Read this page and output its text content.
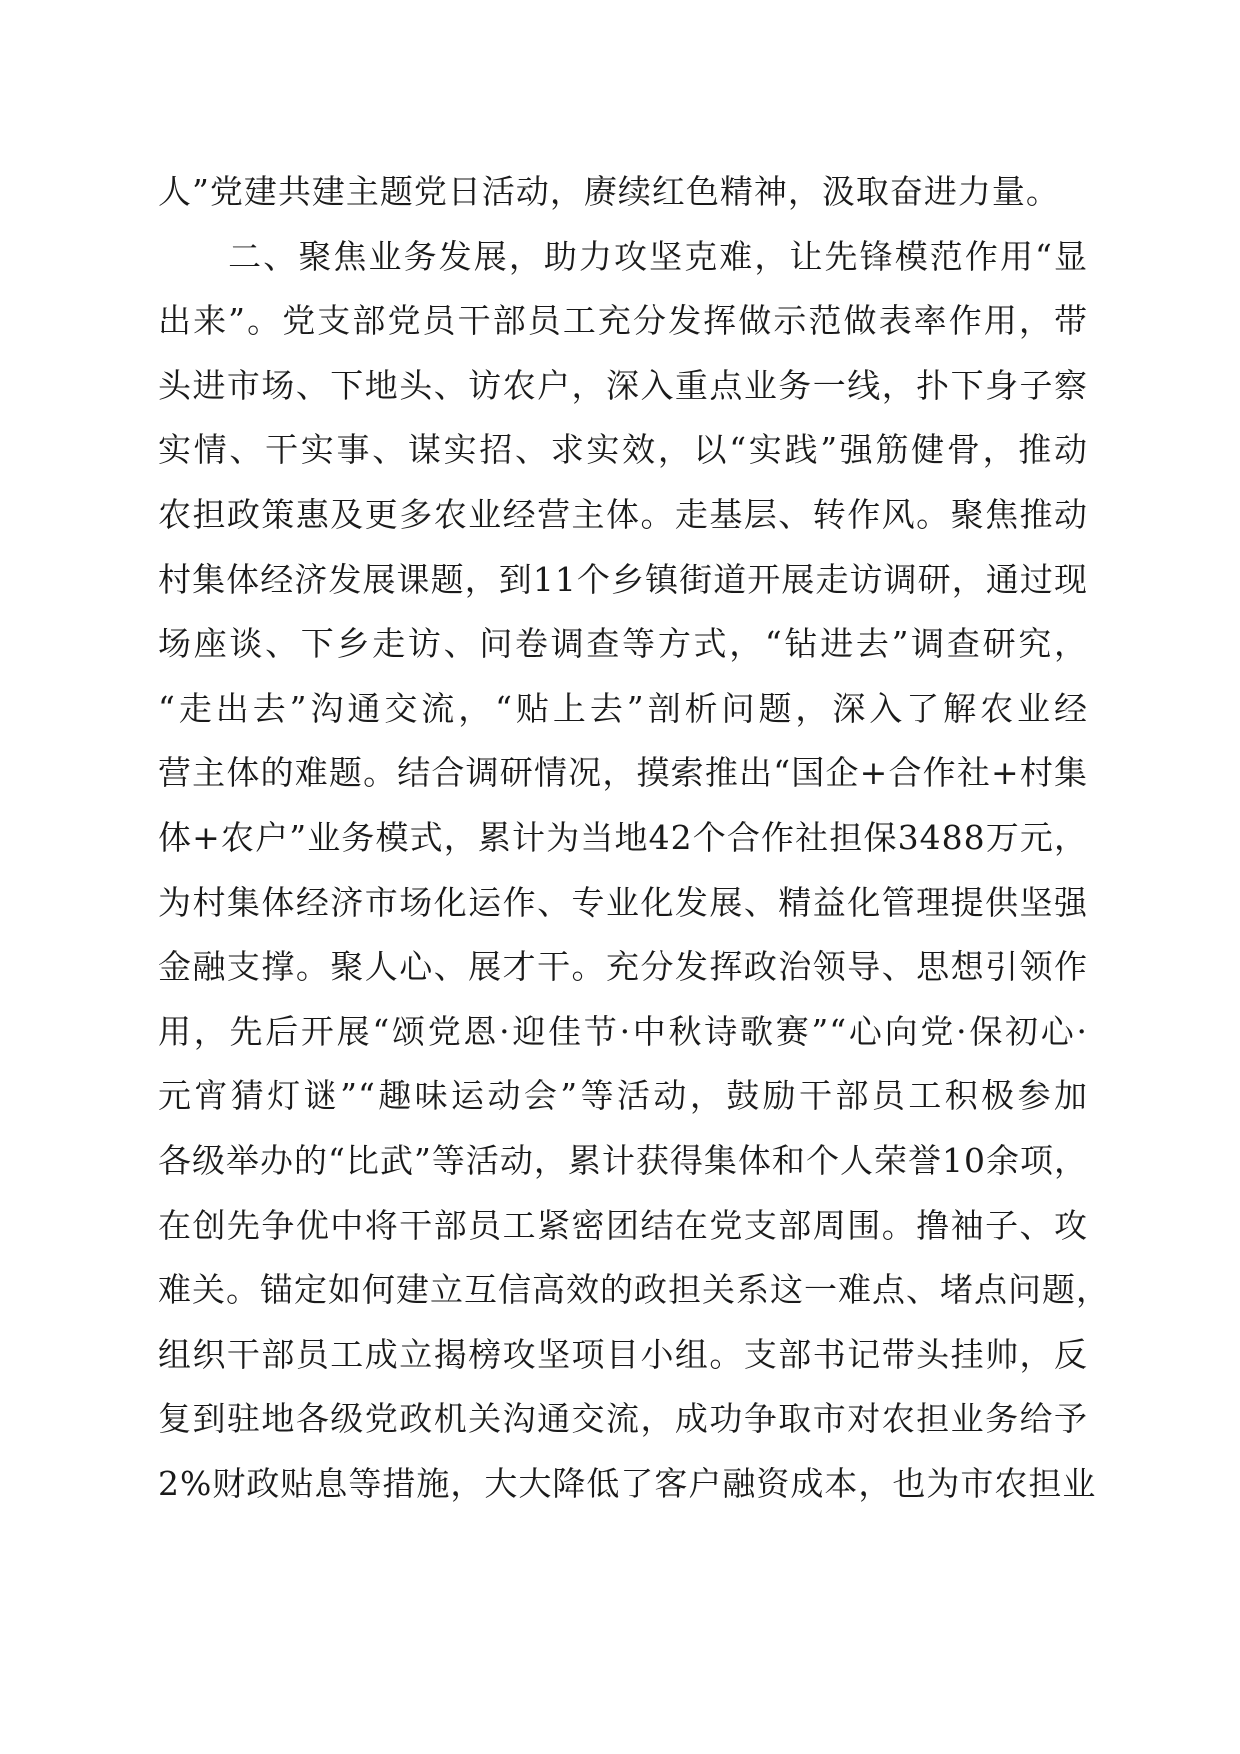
人”党建共建主题党日活动，赓续红色精神，汲取奋进力量。
　　二、聚焦业务发展，助力攻坚克难，让先锋模范作用“显
出来”。党支部党员干部员工充分发挥做示范做表率作用，带
头进市场、下地头、访农户，深入重点业务一线，扑下身子察
实情、干实事、谋实招、求实效，以“实践”强筋健骨，推动
农担政策惠及更多农业经营主体。走基层、转作风。聚焦推动
村集体经济发展课题，到11个乡镇街道开展走访调研，通过现
场座谈、下乡走访、问卷调查等方式，“钻进去”调查研究，
“走出去”沟通交流，“贴上去”剖析问题，深入了解农业经
营主体的难题。结合调研情况，摸索推出“国企+合作社+村集
体+农户”业务模式，累计为当地42个合作社担保3488万元，
为村集体经济市场化运作、专业化发展、精益化管理提供坚强
金融支撑。聚人心、展才干。充分发挥政治领导、思想引领作
用，先后开展“颂党恩·迎佳节·中秋诗歌赛”“心向党·保初心·
元宵猜灯谜”“趣味运动会”等活动，鼓励干部员工积极参加
各级举办的“比武”等活动，累计获得集体和个人荣誉10余项，
在创先争优中将干部员工紧密团结在党支部周围。撸袖子、攻
难关。锚定如何建立互信高效的政担关系这一难点、堵点问题，
组织干部员工成立揭榜攻坚项目小组。支部书记带头挂帅，反
复到驻地各级党政机关沟通交流，成功争取市对农担业务给予
2%财政贴息等措施，大大降低了客户融资成本，也为市农担业
